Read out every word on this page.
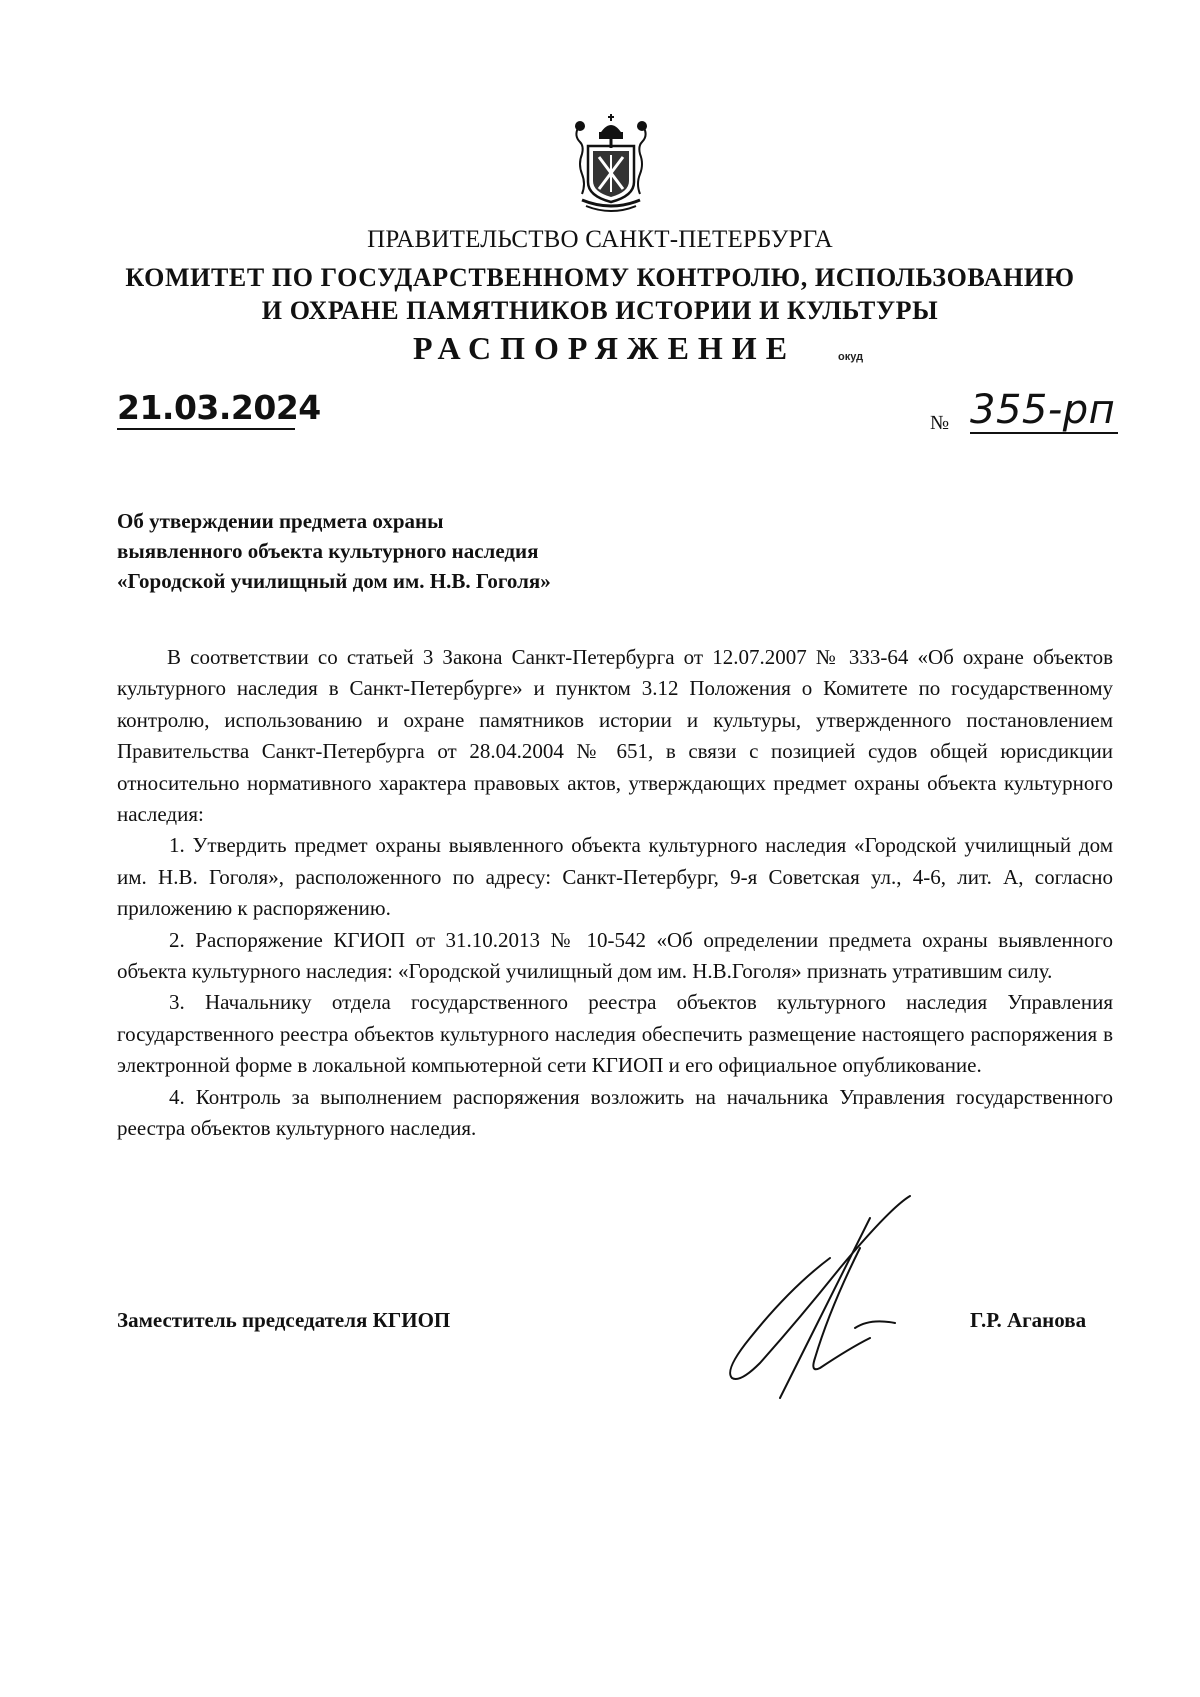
ПРАВИТЕЛЬСТВО САНКТ-ПЕТЕРБУРГА
КОМИТЕТ ПО ГОСУДАРСТВЕННОМУ КОНТРОЛЮ, ИСПОЛЬЗОВАНИЮ
И ОХРАНЕ ПАМЯТНИКОВ ИСТОРИИ И КУЛЬТУРЫ
РАСПОРЯЖЕНИЕ	окуд
21.03.2024	№ 355-рп
Об утверждении предмета охраны
выявленного объекта культурного наследия
«Городской училищный дом им. Н.В. Гоголя»

В соответствии со статьей 3 Закона Санкт-Петербурга от 12.07.2007 № 333-64 «Об охране объектов культурного наследия в Санкт-Петербурге» и пунктом 3.12 Положения о Комитете по государственному контролю, использованию и охране памятников истории и культуры, утвержденного постановлением Правительства Санкт-Петербурга от 28.04.2004 № 651, в связи с позицией судов общей юрисдикции относительно нормативного характера правовых актов, утверждающих предмет охраны объекта культурного наследия:

1. Утвердить предмет охраны выявленного объекта культурного наследия «Городской училищный дом им. Н.В. Гоголя», расположенного по адресу: Санкт-Петербург, 9-я Советская ул., 4-6, лит. А, согласно приложению к распоряжению.

2. Распоряжение КГИОП от 31.10.2013 № 10-542 «Об определении предмета охраны выявленного объекта культурного наследия: «Городской училищный дом им. Н.В.Гоголя» признать утратившим силу.

3. Начальнику отдела государственного реестра объектов культурного наследия Управления государственного реестра объектов культурного наследия обеспечить размещение настоящего распоряжения в электронной форме в локальной компьютерной сети КГИОП и его официальное опубликование.

4. Контроль за выполнением распоряжения возложить на начальника Управления государственного реестра объектов культурного наследия.

Заместитель председателя КГИОП	Г.Р. Аганова
